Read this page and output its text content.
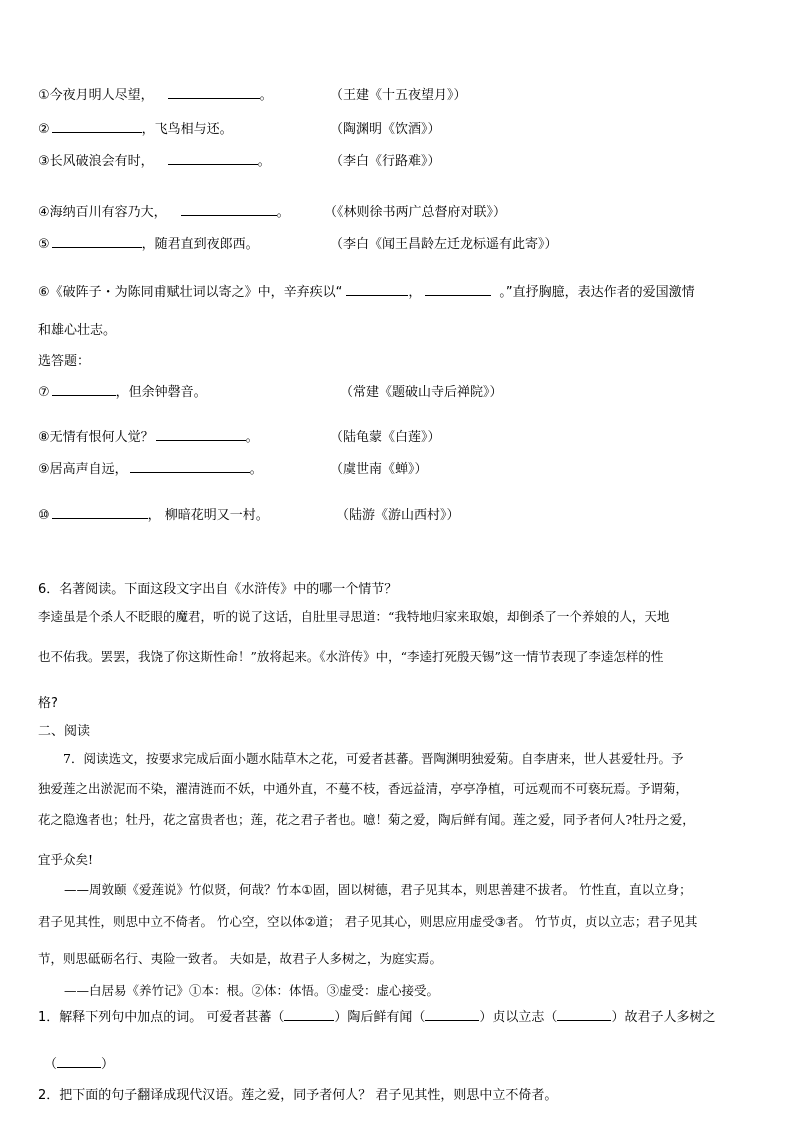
①今夜月明人尽望，	。	（王建《十五夜望月》）
②	，飞鸟相与还。	（陶渊明《饮酒》）
③长风破浪会有时，	。	（李白《行路难》）
④海纳百川有容乃大，	。	（《林则徐书两广总督府对联》）
⑤	，随君直到夜郎西。	（李白《闻王昌龄左迁龙标遥有此寄》）
⑥《破阵子・为陈同甫赋壮词以寄之》中，辛弃疾以“	，	。”直抒胸臆，表达作者的爱国激情
和雄心壮志。
选答题：
⑦	，但余钟磬音。	（常建《题破山寺后禅院》）
⑧无情有恨何人觉？	。	（陆龟蒙《白莲》）
⑨居高声自远，	。	（虞世南《蝉》）
⑩	， 柳暗花明又一村。	（陆游《游山西村》）
6．名著阅读。下面这段文字出自《水浒传》中的哪一个情节？
李逵虽是个杀人不眨眼的魔君，听的说了这话，自肚里寻思道：“我特地归家来取娘，却倒杀了一个养娘的人，天地
也不佑我。罢罢，我饶了你这斯性命！”放将起来。《水浒传》中，“李逵打死殷天锡”这一情节表现了李逵怎样的性
格?
二、阅读
7．阅读选文，按要求完成后面小题水陆草木之花，可爱者甚蕃。晋陶渊明独爱菊。自李唐来，世人甚爱牡丹。予
独爱莲之出淤泥而不染，濯清涟而不妖，中通外直，不蔓不枝，香远益清，亭亭净植，可远观而不可亵玩焉。予谓菊，
花之隐逸者也；牡丹，花之富贵者也；莲，花之君子者也。噫！菊之爱，陶后鲜有闻。莲之爱，同予者何人?牡丹之爱，
宜乎众矣!
——周敦颐《爱莲说》竹似贤，何哉？竹本①固，固以树德，君子见其本，则思善建不拔者。 竹性直，直以立身；
君子见其性，则思中立不倚者。 竹心空，空以体②道； 君子见其心，则思应用虚受③者。 竹节贞，贞以立志；君子见其
节，则思砥砺名行、夷险一致者。 夫如是，故君子人多树之，为庭实焉。
——白居易《养竹记》①本：根。②体：体悟。③虚受：虚心接受。
1．解释下列句中加点的词。 可爱者甚蕃（	）陶后鲜有闻（	）贞以立志（	）故君子人多树之
（	）
2．把下面的句子翻译成现代汉语。莲之爱，同予者何人？ 君子见其性，则思中立不倚者。
